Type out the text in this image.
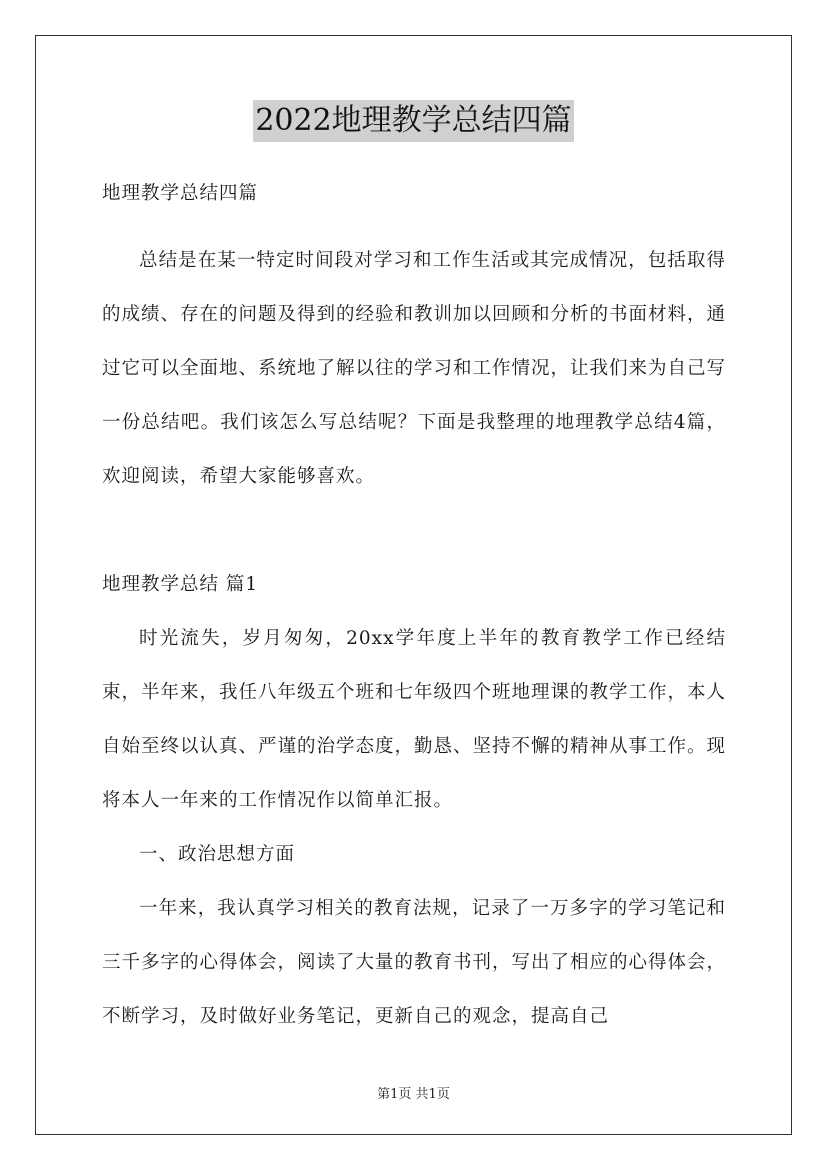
2022地理教学总结四篇

地理教学总结四篇

总结是在某一特定时间段对学习和工作生活或其完成情况，包括取得的成绩、存在的问题及得到的经验和教训加以回顾和分析的书面材料，通过它可以全面地、系统地了解以往的学习和工作情况，让我们来为自己写一份总结吧。我们该怎么写总结呢？下面是我整理的地理教学总结4篇，欢迎阅读，希望大家能够喜欢。

地理教学总结 篇1

时光流失，岁月匆匆，20xx学年度上半年的教育教学工作已经结束，半年来，我任八年级五个班和七年级四个班地理课的教学工作，本人自始至终以认真、严谨的治学态度，勤恳、坚持不懈的精神从事工作。现将本人一年来的工作情况作以简单汇报。

一、政治思想方面

一年来，我认真学习相关的教育法规，记录了一万多字的学习笔记和三千多字的心得体会，阅读了大量的教育书刊，写出了相应的心得体会，不断学习，及时做好业务笔记，更新自己的观念，提高自己

第1页 共1页
